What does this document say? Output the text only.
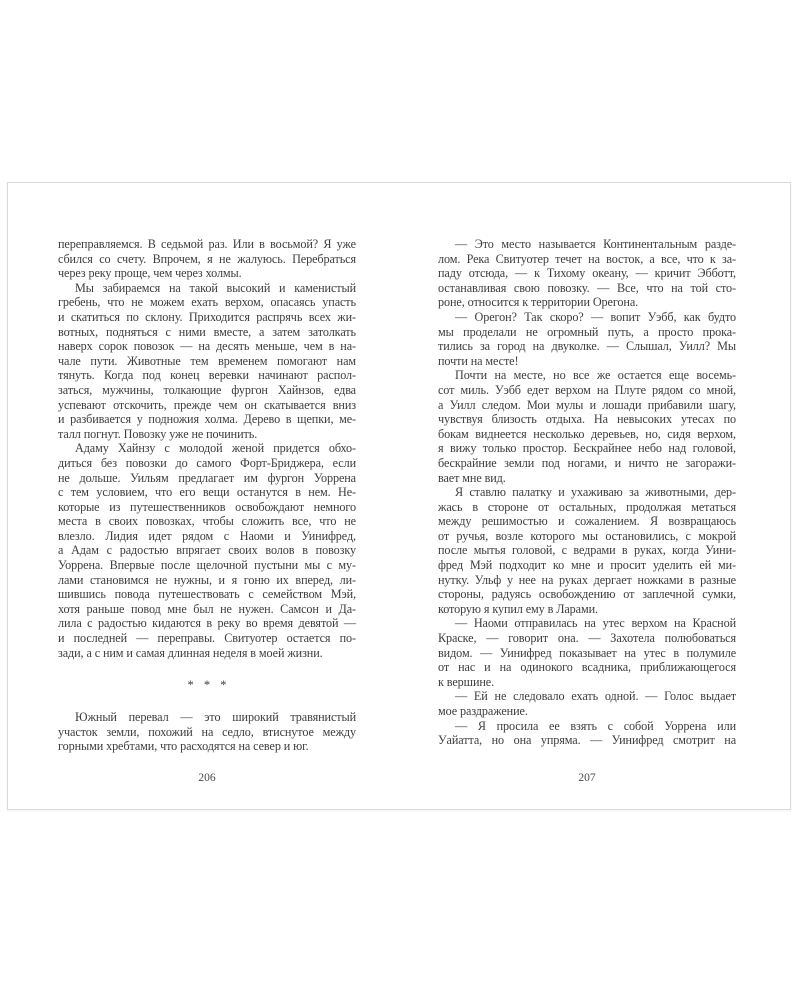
переправляемся. В седьмой раз. Или в восьмой? Я уже
сбился со счету. Впрочем, я не жалуюсь. Перебраться
через реку проще, чем через холмы.
Мы забираемся на такой высокий и каменистый
гребень, что не можем ехать верхом, опасаясь упасть
и скатиться по склону. Приходится распрячь всех жи-
вотных, подняться с ними вместе, а затем затолкать
наверх сорок повозок — на десять меньше, чем в на-
чале пути. Животные тем временем помогают нам
тянуть. Когда под конец веревки начинают распол-
заться, мужчины, толкающие фургон Хайнзов, едва
успевают отскочить, прежде чем он скатывается вниз
и разбивается у подножия холма. Дерево в щепки, ме-
талл погнут. Повозку уже не починить.
Адаму Хайнзу с молодой женой придется обхо-
диться без повозки до самого Форт-Бриджера, если
не дольше. Уильям предлагает им фургон Уоррена
с тем условием, что его вещи останутся в нем. Не-
которые из путешественников освобождают немного
места в своих повозках, чтобы сложить все, что не
влезло. Лидия идет рядом с Наоми и Уинифред,
а Адам с радостью впрягает своих волов в повозку
Уоррена. Впервые после щелочной пустыни мы с му-
лами становимся не нужны, и я гоню их вперед, ли-
шившись повода путешествовать с семейством Мэй,
хотя раньше повод мне был не нужен. Самсон и Да-
лила с радостью кидаются в реку во время девятой —
и последней — переправы. Свитуотер остается по-
зади, а с ним и самая длинная неделя в моей жизни.
* * *
Южный перевал — это широкий травянистый
участок земли, похожий на седло, втиснутое между
горными хребтами, что расходятся на север и юг.
206
— Это место называется Континентальным разде-
лом. Река Свитуотер течет на восток, а все, что к за-
паду отсюда, — к Тихому океану, — кричит Эбботт,
останавливая свою повозку. — Все, что на той сто-
роне, относится к территории Орегона.
— Орегон? Так скоро? — вопит Уэбб, как будто
мы проделали не огромный путь, а просто прока-
тились за город на двуколке. — Слышал, Уилл? Мы
почти на месте!
Почти на месте, но все же остается еще восемь-
сот миль. Уэбб едет верхом на Плуте рядом со мной,
а Уилл следом. Мои мулы и лошади прибавили шагу,
чувствуя близость отдыха. На невысоких утесах по
бокам виднеется несколько деревьев, но, сидя верхом,
я вижу только простор. Бескрайнее небо над головой,
бескрайние земли под ногами, и ничто не загоражи-
вает мне вид.
Я ставлю палатку и ухаживаю за животными, дер-
жась в стороне от остальных, продолжая метаться
между решимостью и сожалением. Я возвращаюсь
от ручья, возле которого мы остановились, с мокрой
после мытья головой, с ведрами в руках, когда Уини-
фред Мэй подходит ко мне и просит уделить ей ми-
нутку. Ульф у нее на руках дергает ножками в разные
стороны, радуясь освобождению от заплечной сумки,
которую я купил ему в Ларами.
— Наоми отправилась на утес верхом на Красной
Краске, — говорит она. — Захотела полюбоваться
видом. — Уинифред показывает на утес в полумиле
от нас и на одинокого всадника, приближающегося
к вершине.
— Ей не следовало ехать одной. — Голос выдает
мое раздражение.
— Я просила ее взять с собой Уоррена или
Уайатта, но она упряма. — Уинифред смотрит на
207
